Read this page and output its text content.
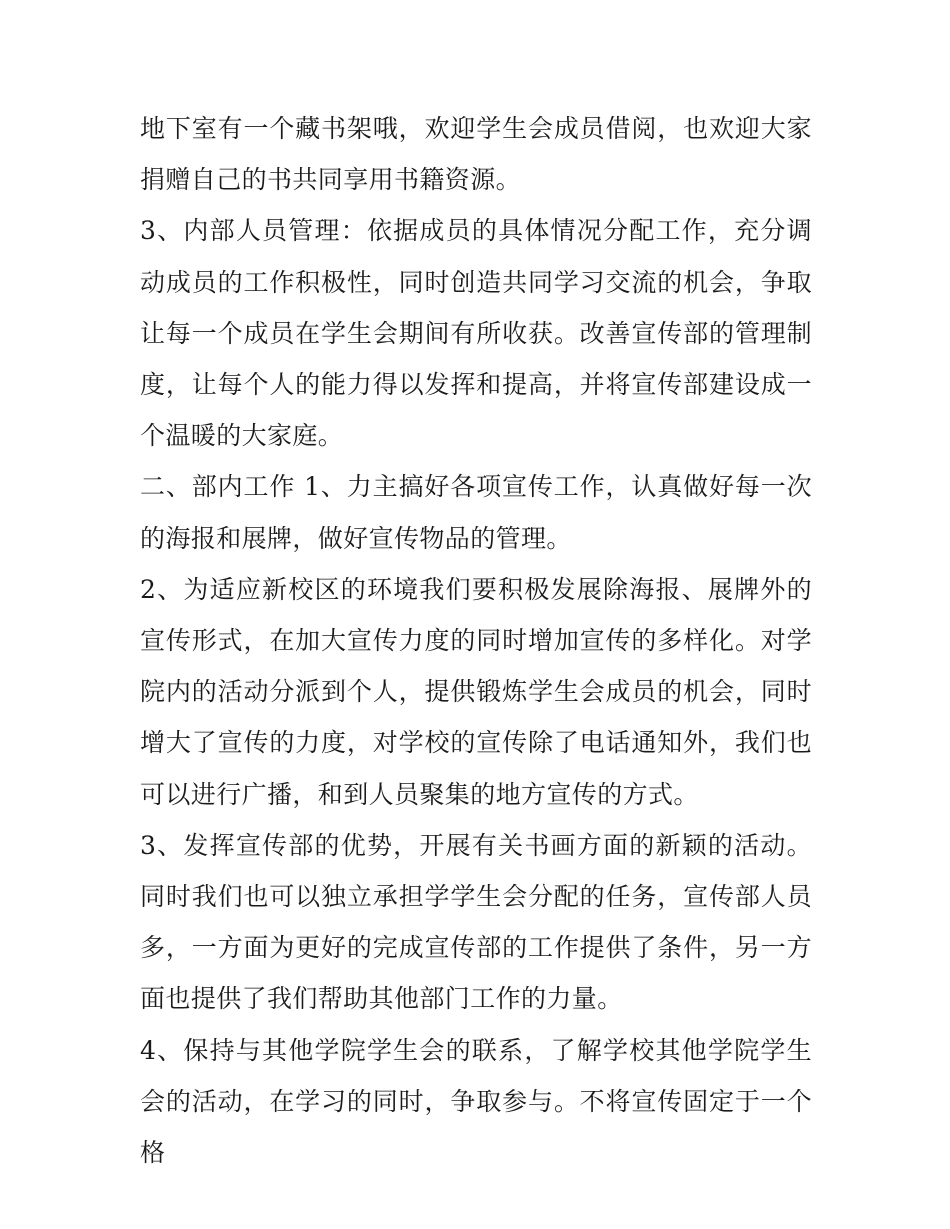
地下室有一个藏书架哦，欢迎学生会成员借阅，也欢迎大家捐赠自己的书共同享用书籍资源。

3、内部人员管理：依据成员的具体情况分配工作，充分调动成员的工作积极性，同时创造共同学习交流的机会，争取让每一个成员在学生会期间有所收获。改善宣传部的管理制度，让每个人的能力得以发挥和提高，并将宣传部建设成一个温暖的大家庭。

二、部内工作 1、力主搞好各项宣传工作，认真做好每一次的海报和展牌，做好宣传物品的管理。

2、为适应新校区的环境我们要积极发展除海报、展牌外的宣传形式，在加大宣传力度的同时增加宣传的多样化。对学院内的活动分派到个人，提供锻炼学生会成员的机会，同时增大了宣传的力度，对学校的宣传除了电话通知外，我们也可以进行广播，和到人员聚集的地方宣传的方式。

3、发挥宣传部的优势，开展有关书画方面的新颖的活动。同时我们也可以独立承担学学生会分配的任务，宣传部人员多，一方面为更好的完成宣传部的工作提供了条件，另一方面也提供了我们帮助其他部门工作的力量。

4、保持与其他学院学生会的联系，了解学校其他学院学生会的活动，在学习的同时，争取参与。不将宣传固定于一个格
